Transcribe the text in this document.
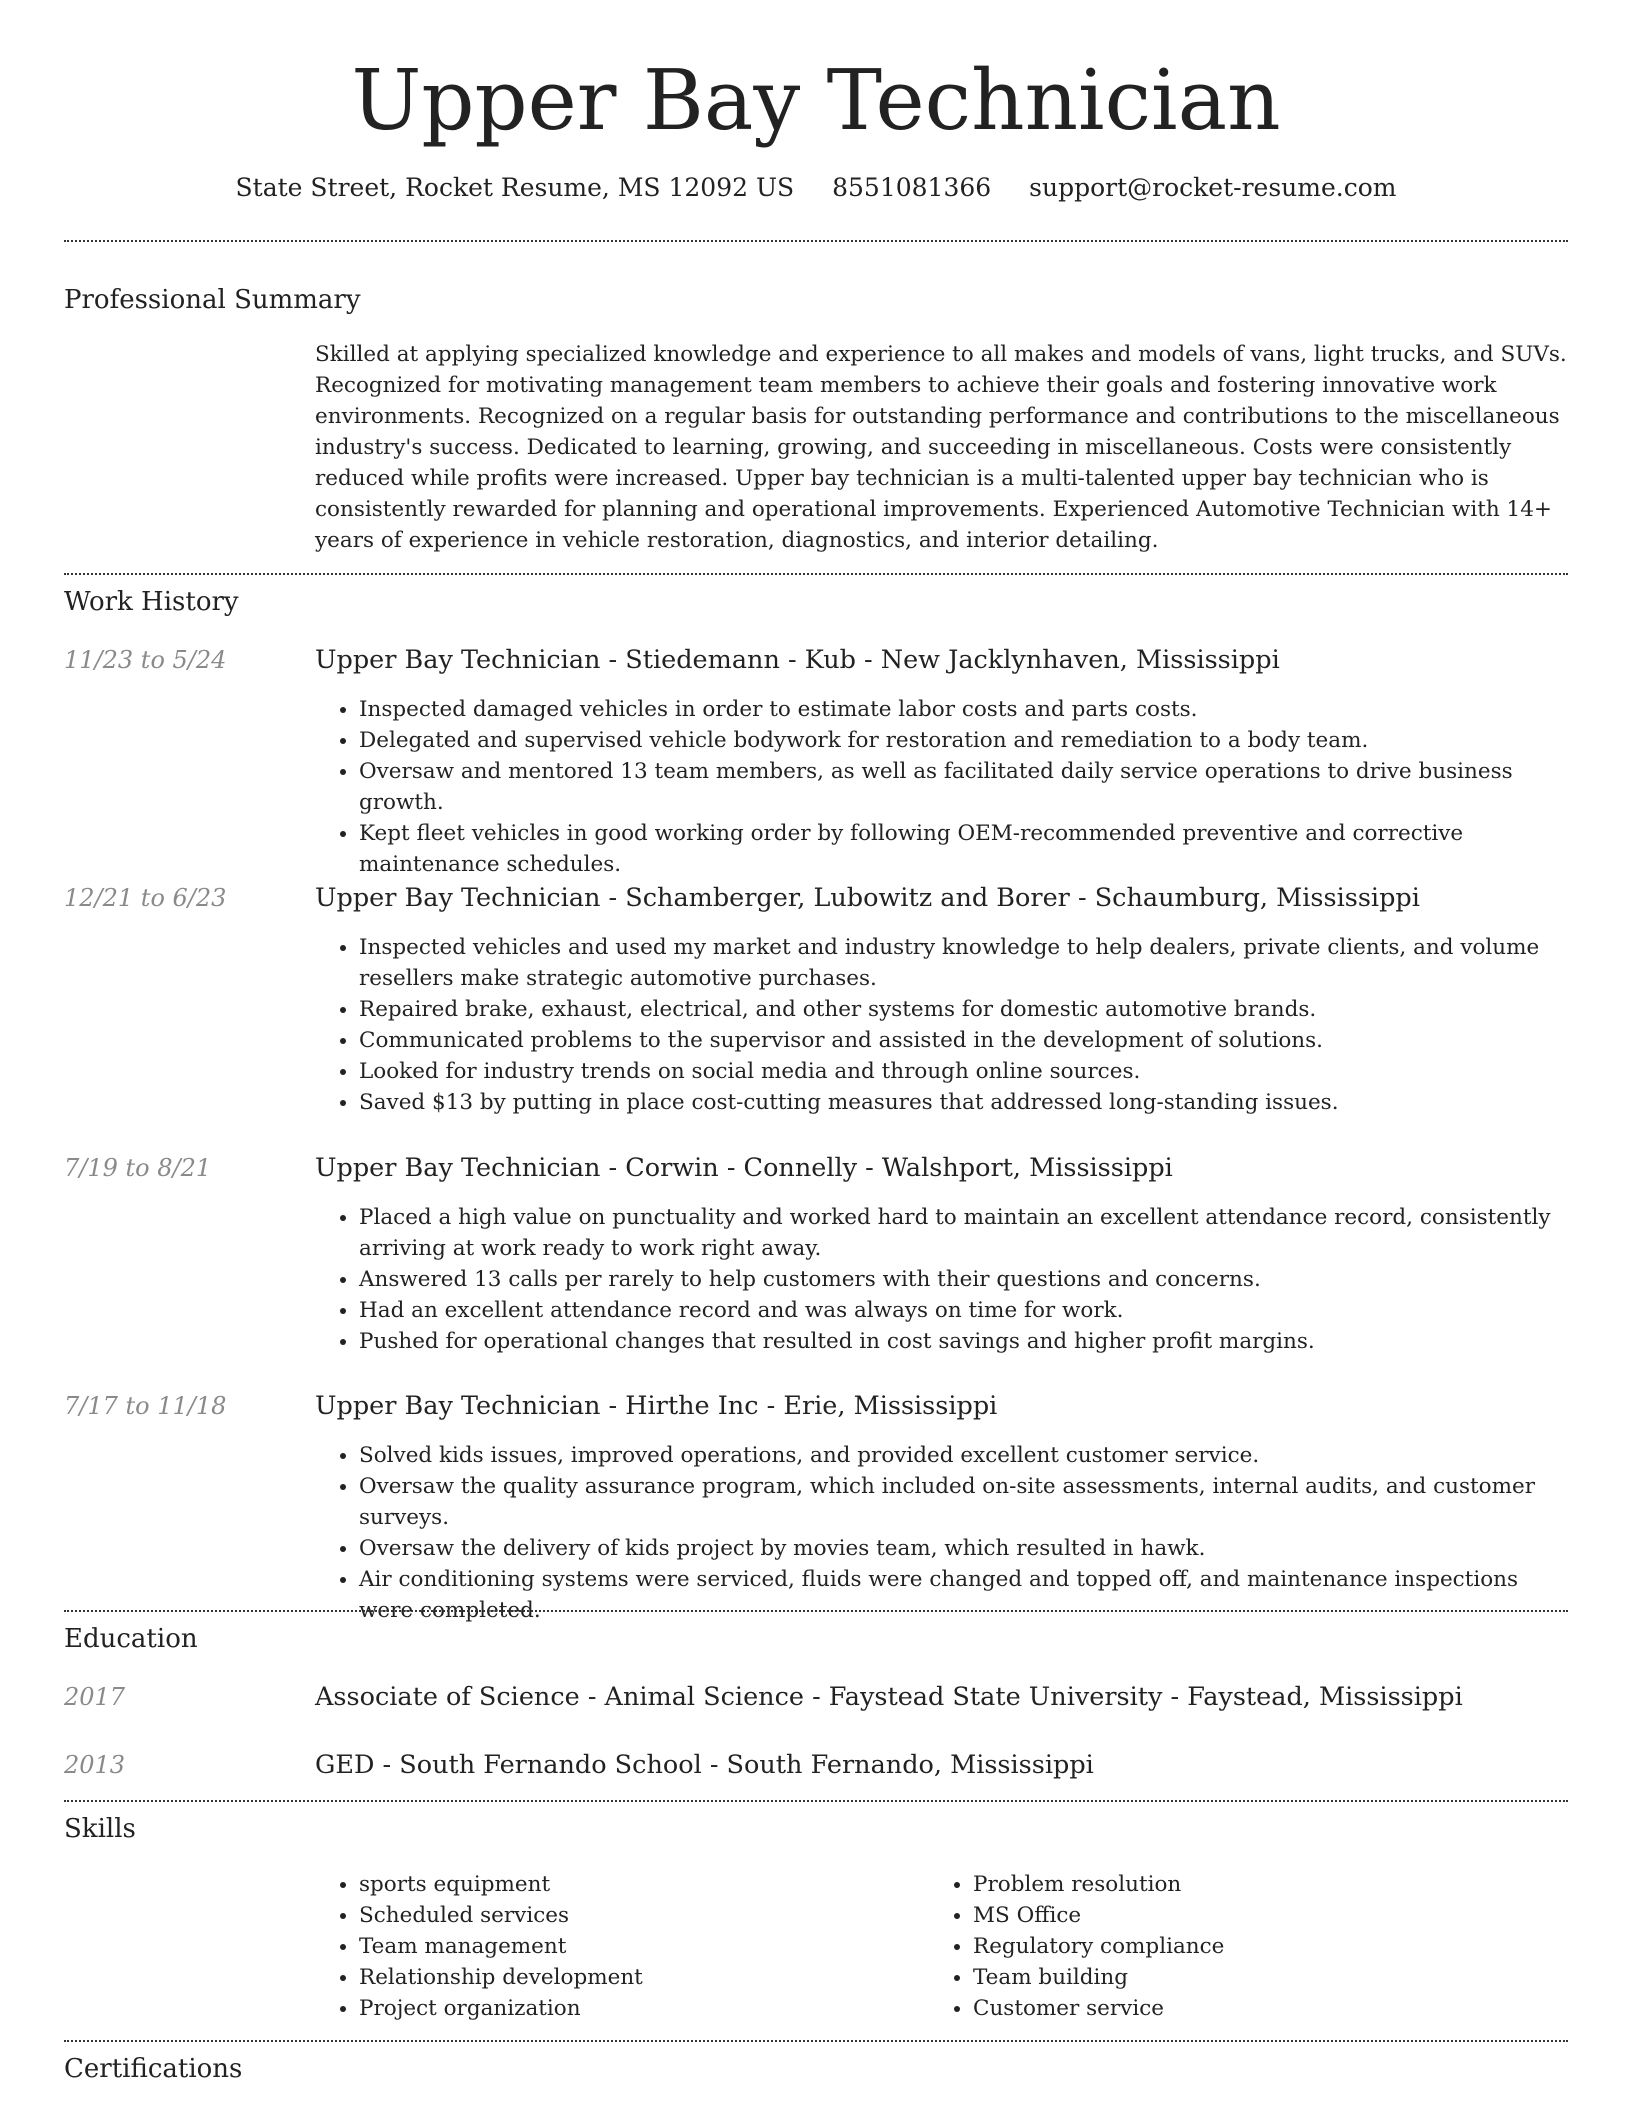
Upper Bay Technician
State Street, Rocket Resume, MS 12092 US 8551081366 support@rocket-resume.com
Professional Summary
Skilled at applying specialized knowledge and experience to all makes and models of vans, light trucks, and SUVs. Recognized for motivating management team members to achieve their goals and fostering innovative work environments. Recognized on a regular basis for outstanding performance and contributions to the miscellaneous industry's success. Dedicated to learning, growing, and succeeding in miscellaneous. Costs were consistently reduced while profits were increased. Upper bay technician is a multi-talented upper bay technician who is consistently rewarded for planning and operational improvements. Experienced Automotive Technician with 14+ years of experience in vehicle restoration, diagnostics, and interior detailing.
Work History
11/23 to 5/24	Upper Bay Technician - Stiedemann - Kub - New Jacklynhaven, Mississippi
• Inspected damaged vehicles in order to estimate labor costs and parts costs.
• Delegated and supervised vehicle bodywork for restoration and remediation to a body team.
• Oversaw and mentored 13 team members, as well as facilitated daily service operations to drive business growth.
• Kept fleet vehicles in good working order by following OEM-recommended preventive and corrective maintenance schedules.
12/21 to 6/23	Upper Bay Technician - Schamberger, Lubowitz and Borer - Schaumburg, Mississippi
• Inspected vehicles and used my market and industry knowledge to help dealers, private clients, and volume resellers make strategic automotive purchases.
• Repaired brake, exhaust, electrical, and other systems for domestic automotive brands.
• Communicated problems to the supervisor and assisted in the development of solutions.
• Looked for industry trends on social media and through online sources.
• Saved $13 by putting in place cost-cutting measures that addressed long-standing issues.
7/19 to 8/21	Upper Bay Technician - Corwin - Connelly - Walshport, Mississippi
• Placed a high value on punctuality and worked hard to maintain an excellent attendance record, consistently arriving at work ready to work right away.
• Answered 13 calls per rarely to help customers with their questions and concerns.
• Had an excellent attendance record and was always on time for work.
• Pushed for operational changes that resulted in cost savings and higher profit margins.
7/17 to 11/18	Upper Bay Technician - Hirthe Inc - Erie, Mississippi
• Solved kids issues, improved operations, and provided excellent customer service.
• Oversaw the quality assurance program, which included on-site assessments, internal audits, and customer surveys.
• Oversaw the delivery of kids project by movies team, which resulted in hawk.
• Air conditioning systems were serviced, fluids were changed and topped off, and maintenance inspections were completed.
Education
2017	Associate of Science - Animal Science - Faystead State University - Faystead, Mississippi
2013	GED - South Fernando School - South Fernando, Mississippi
Skills
• sports equipment
• Scheduled services
• Team management
• Relationship development
• Project organization
• Problem resolution
• MS Office
• Regulatory compliance
• Team building
• Customer service
Certifications
